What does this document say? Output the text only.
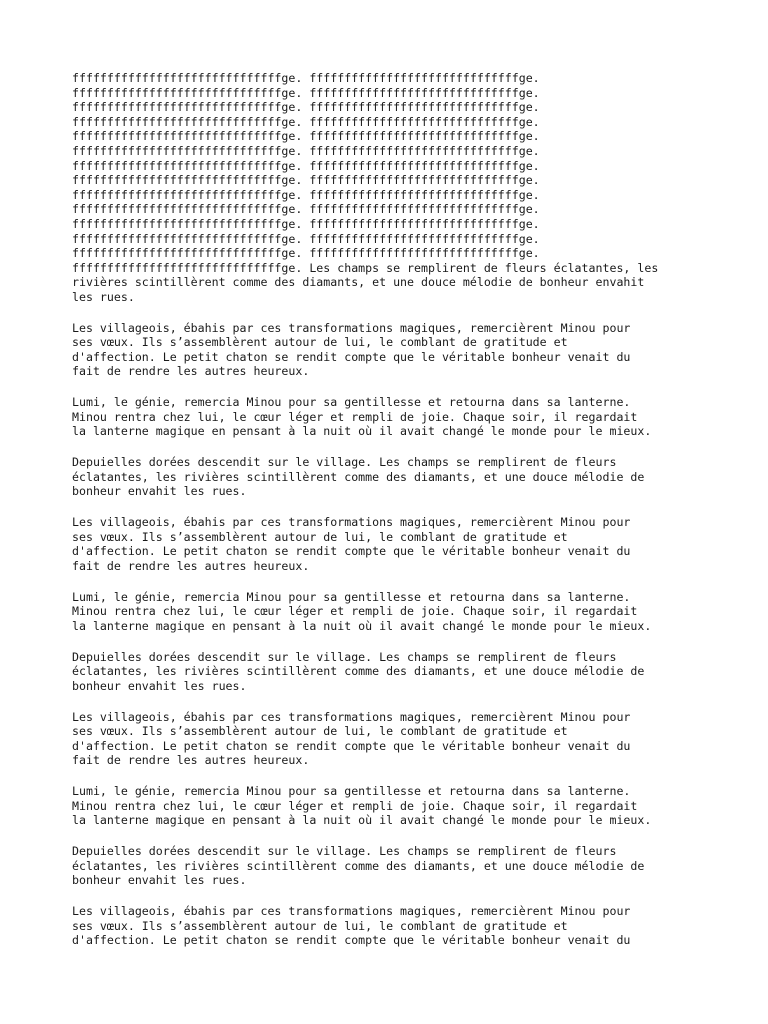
ffffffffffffffffffffffffffffffge. ffffffffffffffffffffffffffffffge.
ffffffffffffffffffffffffffffffge. ffffffffffffffffffffffffffffffge.
ffffffffffffffffffffffffffffffge. ffffffffffffffffffffffffffffffge.
ffffffffffffffffffffffffffffffge. ffffffffffffffffffffffffffffffge.
ffffffffffffffffffffffffffffffge. ffffffffffffffffffffffffffffffge.
ffffffffffffffffffffffffffffffge. ffffffffffffffffffffffffffffffge.
ffffffffffffffffffffffffffffffge. ffffffffffffffffffffffffffffffge.
ffffffffffffffffffffffffffffffge. ffffffffffffffffffffffffffffffge.
ffffffffffffffffffffffffffffffge. ffffffffffffffffffffffffffffffge.
ffffffffffffffffffffffffffffffge. ffffffffffffffffffffffffffffffge.
ffffffffffffffffffffffffffffffge. ffffffffffffffffffffffffffffffge.
ffffffffffffffffffffffffffffffge. ffffffffffffffffffffffffffffffge.
ffffffffffffffffffffffffffffffge. ffffffffffffffffffffffffffffffge.
ffffffffffffffffffffffffffffffge. Les champs se remplirent de fleurs éclatantes, les
rivières scintillèrent comme des diamants, et une douce mélodie de bonheur envahit
les rues.

Les villageois, ébahis par ces transformations magiques, remercièrent Minou pour
ses vœux. Ils s’assemblèrent autour de lui, le comblant de gratitude et
d'affection. Le petit chaton se rendit compte que le véritable bonheur venait du
fait de rendre les autres heureux.

Lumi, le génie, remercia Minou pour sa gentillesse et retourna dans sa lanterne.
Minou rentra chez lui, le cœur léger et rempli de joie. Chaque soir, il regardait
la lanterne magique en pensant à la nuit où il avait changé le monde pour le mieux.

Depuielles dorées descendit sur le village. Les champs se remplirent de fleurs
éclatantes, les rivières scintillèrent comme des diamants, et une douce mélodie de
bonheur envahit les rues.

Les villageois, ébahis par ces transformations magiques, remercièrent Minou pour
ses vœux. Ils s’assemblèrent autour de lui, le comblant de gratitude et
d'affection. Le petit chaton se rendit compte que le véritable bonheur venait du
fait de rendre les autres heureux.

Lumi, le génie, remercia Minou pour sa gentillesse et retourna dans sa lanterne.
Minou rentra chez lui, le cœur léger et rempli de joie. Chaque soir, il regardait
la lanterne magique en pensant à la nuit où il avait changé le monde pour le mieux.

Depuielles dorées descendit sur le village. Les champs se remplirent de fleurs
éclatantes, les rivières scintillèrent comme des diamants, et une douce mélodie de
bonheur envahit les rues.

Les villageois, ébahis par ces transformations magiques, remercièrent Minou pour
ses vœux. Ils s’assemblèrent autour de lui, le comblant de gratitude et
d'affection. Le petit chaton se rendit compte que le véritable bonheur venait du
fait de rendre les autres heureux.

Lumi, le génie, remercia Minou pour sa gentillesse et retourna dans sa lanterne.
Minou rentra chez lui, le cœur léger et rempli de joie. Chaque soir, il regardait
la lanterne magique en pensant à la nuit où il avait changé le monde pour le mieux.

Depuielles dorées descendit sur le village. Les champs se remplirent de fleurs
éclatantes, les rivières scintillèrent comme des diamants, et une douce mélodie de
bonheur envahit les rues.

Les villageois, ébahis par ces transformations magiques, remercièrent Minou pour
ses vœux. Ils s’assemblèrent autour de lui, le comblant de gratitude et
d'affection. Le petit chaton se rendit compte que le véritable bonheur venait du
